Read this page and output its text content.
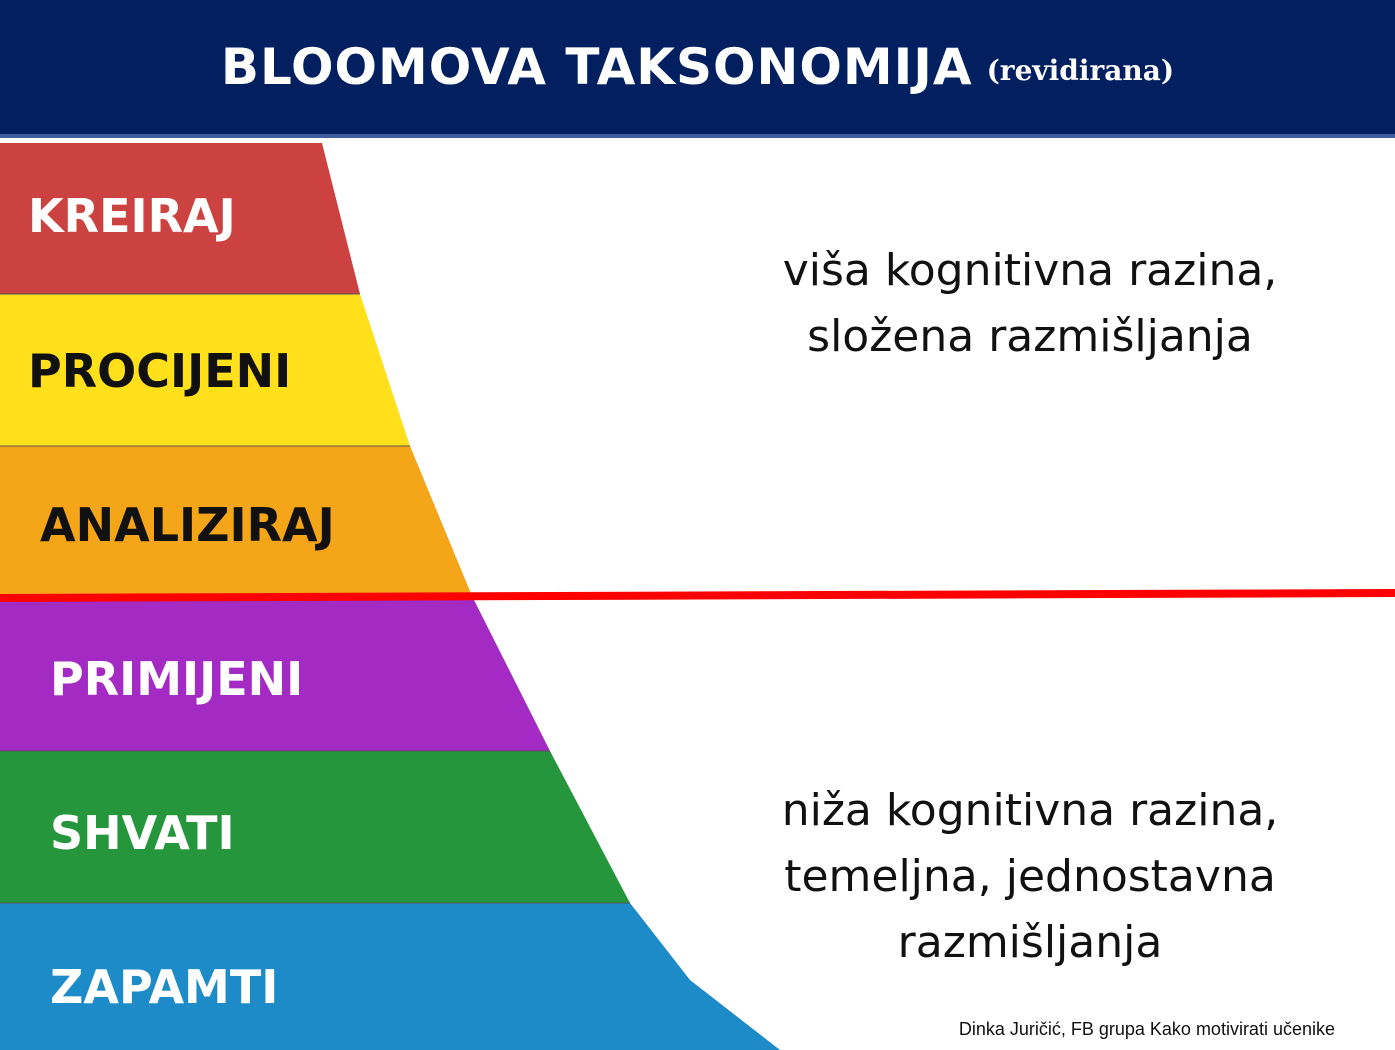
BLOOMOVA TAKSONOMIJA (revidirana)
KREIRAJ
PROCIJENI
ANALIZIRAJ
PRIMIJENI
SHVATI
ZAPAMTI
viša kognitivna razina,
složena razmišljanja
niža kognitivna razina,
temeljna, jednostavna
razmišljanja
Dinka Juričić, FB grupa Kako motivirati učenike
